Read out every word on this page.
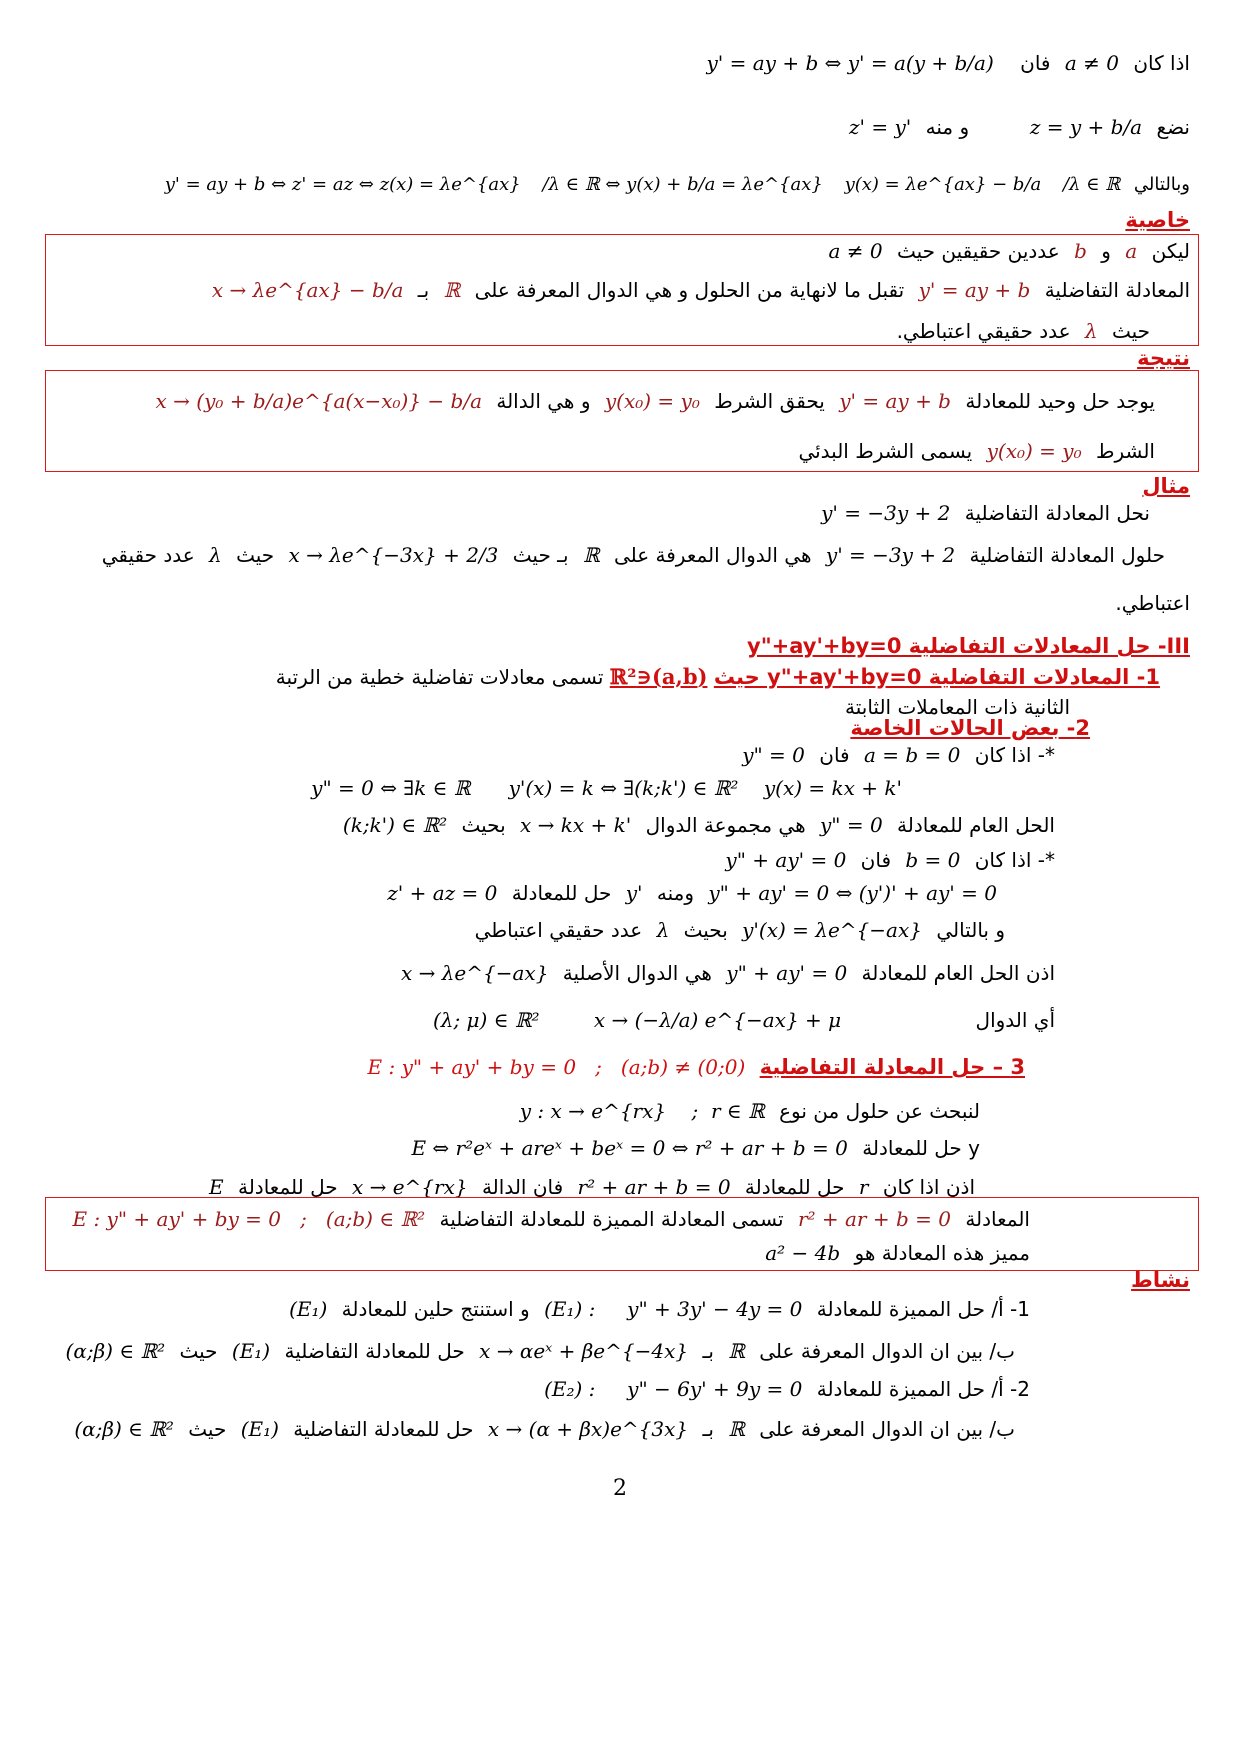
اذا كان a ≠ 0 فان y' = ay + b ⇔ y' = a(y + b/a)
نضع z = y + b/a  و منه z' = y'
وبالتالي /λ ∈ ℝ y(x) = λe^{ax} − b/a /λ ∈ ℝ ⇔ y(x) + b/a = λe^{ax} y' = ay + b ⇔ z' = az ⇔ z(x) = λe^{ax}
خاصية
ليكن a و b عددين حقيقين حيث a ≠ 0
المعادلة التفاضلية y' = ay + b تقبل ما لانهاية من الحلول و هي الدوال المعرفة على ℝ بـ x → λe^{ax} − b/a
حيث λ عدد حقيقي اعتباطي.
نتيجة
يوجد حل وحيد للمعادلة y' = ay + b يحقق الشرط y(x₀) = y₀ و هي الدالة x → (y₀ + b/a)e^{a(x−x₀)} − b/a
الشرط y(x₀) = y₀ يسمى الشرط البدئي
مثال
نحل المعادلة التفاضلية y' = −3y + 2
حلول المعادلة التفاضلية y' = −3y + 2 هي الدوال المعرفة على ℝ بـ حيث x → λe^{−3x} + 2/3 حيث λ عدد حقيقي
اعتباطي.
III- حل المعادلات التفاضلية y"+ay'+by=0
1- المعادلات التفاضلية y"+ay'+by=0 حيث (a,b)∈ℝ² تسمى معادلات تفاضلية خطية من الرتبة
الثانية ذات المعاملات الثابتة
2- بعض الحالات الخاصة
*- اذا كان a = b = 0 فان y" = 0
y" = 0 ⇔ ∃k ∈ ℝ      y'(x) = k ⇔ ∃(k;k') ∈ ℝ²    y(x) = kx + k'
الحل العام للمعادلة y" = 0 هي مجموعة الدوال x → kx + k' بحيث (k;k') ∈ ℝ²
*- اذا كان b = 0 فان y" + ay' = 0
y" + ay' = 0 ⇔ (y')' + ay' = 0 ومنه y' حل للمعادلة z' + az = 0
و بالتالي y'(x) = λe^{−ax} بحيث λ عدد حقيقي اعتباطي
اذن الحل العام للمعادلة y" + ay' = 0 هي الدوال الأصلية x → λe^{−ax}
أي الدوال x → (−λ/a) e^{−ax} + μ (λ; μ) ∈ ℝ²
3 – حل المعادلة التفاضلية E : y" + ay' + by = 0   ;   (a;b) ≠ (0;0)
لنبحث عن حلول من نوع y : x → e^{rx}    ;  r ∈ ℝ
y حل للمعادلة E ⇔ r²eˣ + areˣ + beˣ = 0 ⇔ r² + ar + b = 0
اذن اذا كان r حل للمعادلة r² + ar + b = 0 فان الدالة x → e^{rx} حل للمعادلة E
المعادلة r² + ar + b = 0 تسمى المعادلة المميزة للمعادلة التفاضلية E : y" + ay' + by = 0   ;   (a;b) ∈ ℝ²
مميز هذه المعادلة هو a² − 4b
نشاط
1- أ/ حل المميزة للمعادلة (E₁) :     y" + 3y' − 4y = 0 و استنتج حلين للمعادلة (E₁)
ب/ بين ان الدوال المعرفة على ℝ بـ x → αeˣ + βe^{−4x} حل للمعادلة التفاضلية (E₁) حيث (α;β) ∈ ℝ²
2- أ/ حل المميزة للمعادلة (E₂) :     y" − 6y' + 9y = 0
ب/ بين ان الدوال المعرفة على ℝ بـ x → (α + βx)e^{3x} حل للمعادلة التفاضلية (E₁) حيث (α;β) ∈ ℝ²
2
